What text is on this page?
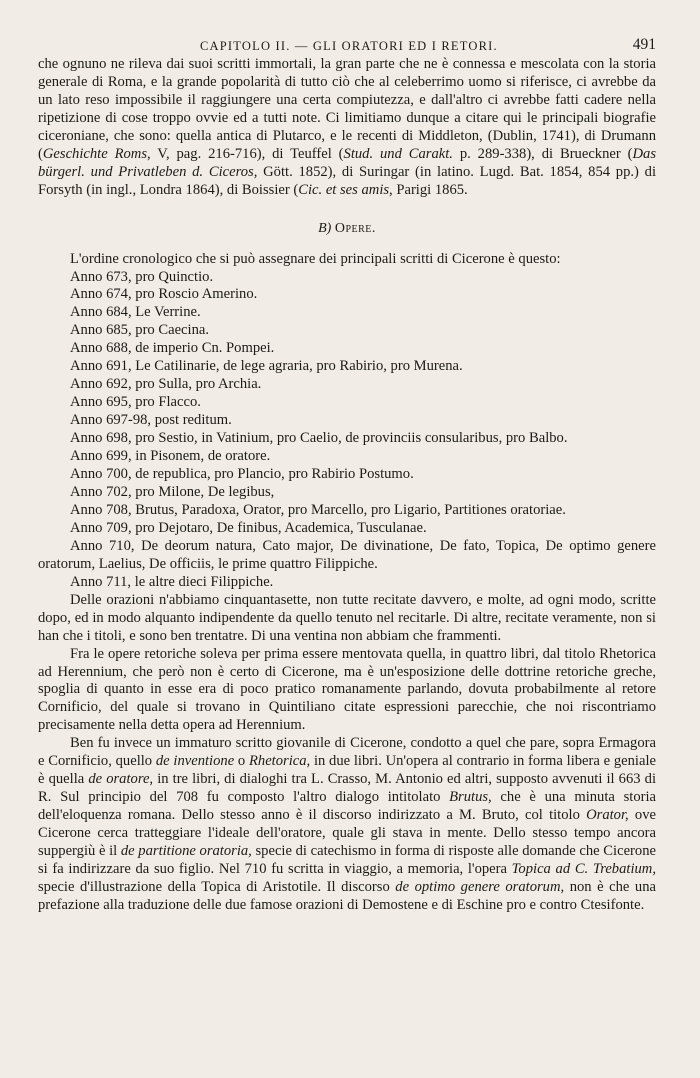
CAPITOLO II. — GLI ORATORI ED I RETORI.	491

che ognuno ne rileva dai suoi scritti immortali, la gran parte che ne è connessa e mescolata con la storia generale di Roma, e la grande popolarità di tutto ciò che al celeberrimo uomo si riferisce, ci avrebbe da un lato reso impossibile il raggiungere una certa compiutezza, e dall'altro ci avrebbe fatti cadere nella ripetizione di cose troppo ovvie ed a tutti note. Ci limitiamo dunque a citare qui le principali biografie ciceroniane, che sono: quella antica di Plutarco, e le recenti di Middleton, (Dublin, 1741), di Drumann (Geschichte Roms, V, pag. 216-716), di Teuffel (Stud. und Carakt. p. 289-338), di Brueckner (Das bürgerl. und Privatleben d. Ciceros, Gött. 1852), di Suringar (in latino. Lugd. Bat. 1854, 854 pp.) di Forsyth (in ingl., Londra 1864), di Boissier (Cic. et ses amis, Parigi 1865.

B) Opere.

L'ordine cronologico che si può assegnare dei principali scritti di Cicerone è questo:

Anno 673, pro Quinctio.
Anno 674, pro Roscio Amerino.
Anno 684, Le Verrine.
Anno 685, pro Caecina.
Anno 688, de imperio Cn. Pompei.
Anno 691, Le Catilinarie, de lege agraria, pro Rabirio, pro Murena.
Anno 692, pro Sulla, pro Archia.
Anno 695, pro Flacco.
Anno 697-98, post reditum.
Anno 698, pro Sestio, in Vatinium, pro Caelio, de provinciis consularibus, pro Balbo.
Anno 699, in Pisonem, de oratore.
Anno 700, de republica, pro Plancio, pro Rabirio Postumo.
Anno 702, pro Milone, De legibus,
Anno 708, Brutus, Paradoxa, Orator, pro Marcello, pro Ligario, Partitiones oratoriae.
Anno 709, pro Dejotaro, De finibus, Academica, Tusculanae.
Anno 710, De deorum natura, Cato major, De divinatione, De fato, Topica, De optimo genere oratorum, Laelius, De officiis, le prime quattro Filippiche.
Anno 711, le altre dieci Filippiche.

Delle orazioni n'abbiamo cinquantasette, non tutte recitate davvero, e molte, ad ogni modo, scritte dopo, ed in modo alquanto indipendente da quello tenuto nel recitarle. Di altre, recitate veramente, non si han che i titoli, e sono ben trentatre. Di una ventina non abbiam che frammenti.

Fra le opere retoriche soleva per prima essere mentovata quella, in quattro libri, dal titolo Rhetorica ad Herennium, che però non è certo di Cicerone, ma è un'esposizione delle dottrine retoriche greche, spoglia di quanto in esse era di poco pratico romanamente parlando, dovuta probabilmente al retore Cornificio, del quale si trovano in Quintiliano citate espressioni parecchie, che noi riscontriamo precisamente nella detta opera ad Herennium.

Ben fu invece un immaturo scritto giovanile di Cicerone, condotto a quel che pare, sopra Ermagora e Cornificio, quello de inventione o Rhetorica, in due libri. Un'opera al contrario in forma libera e geniale è quella de oratore, in tre libri, di dialoghi tra L. Crasso, M. Antonio ed altri, supposto avvenuti il 663 di R. Sul principio del 708 fu composto l'altro dialogo intitolato Brutus, che è una minuta storia dell'eloquenza romana. Dello stesso anno è il discorso indirizzato a M. Bruto, col titolo Orator, ove Cicerone cerca tratteggiare l'ideale dell'oratore, quale gli stava in mente. Dello stesso tempo ancora suppergiù è il de partitione oratoria, specie di catechismo in forma di risposte alle domande che Cicerone si fa indirizzare da suo figlio. Nel 710 fu scritta in viaggio, a memoria, l'opera Topica ad C. Trebatium, specie d'illustrazione della Topica di Aristotile. Il discorso de optimo genere oratorum, non è che una prefazione alla traduzione delle due famose orazioni di Demostene e di Eschine pro e contro Ctesifonte.
